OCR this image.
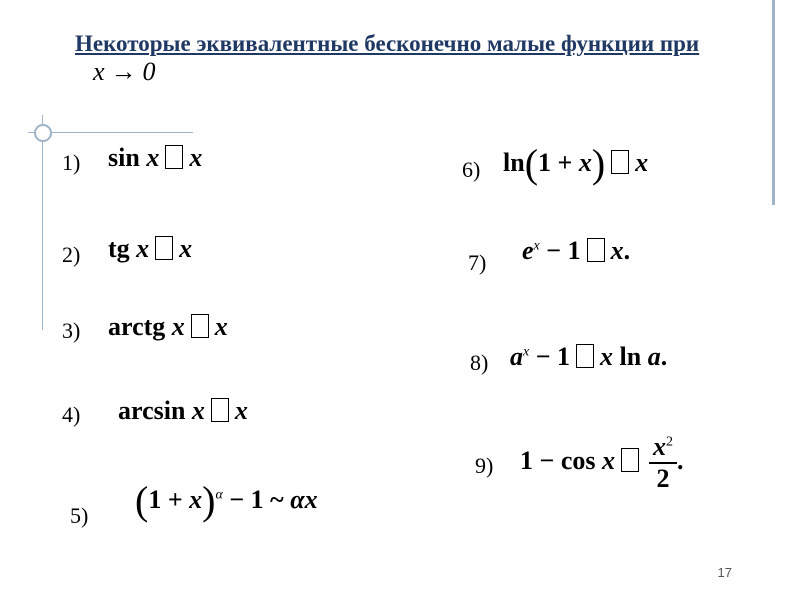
Некоторые эквивалентные бесконечно малые функции при x → 0
1) sin x x
2) tg x x
3) arctg x x
4) arcsin x x
5) $(1 + x)^\alpha - 1$ ~ αx
6) ln(1 + x) x
7) $e^x - 1$ x.
8) $a^x - 1$ x ln a.
9) 1 − cos x $\frac{x^2}{2}$ .
17
